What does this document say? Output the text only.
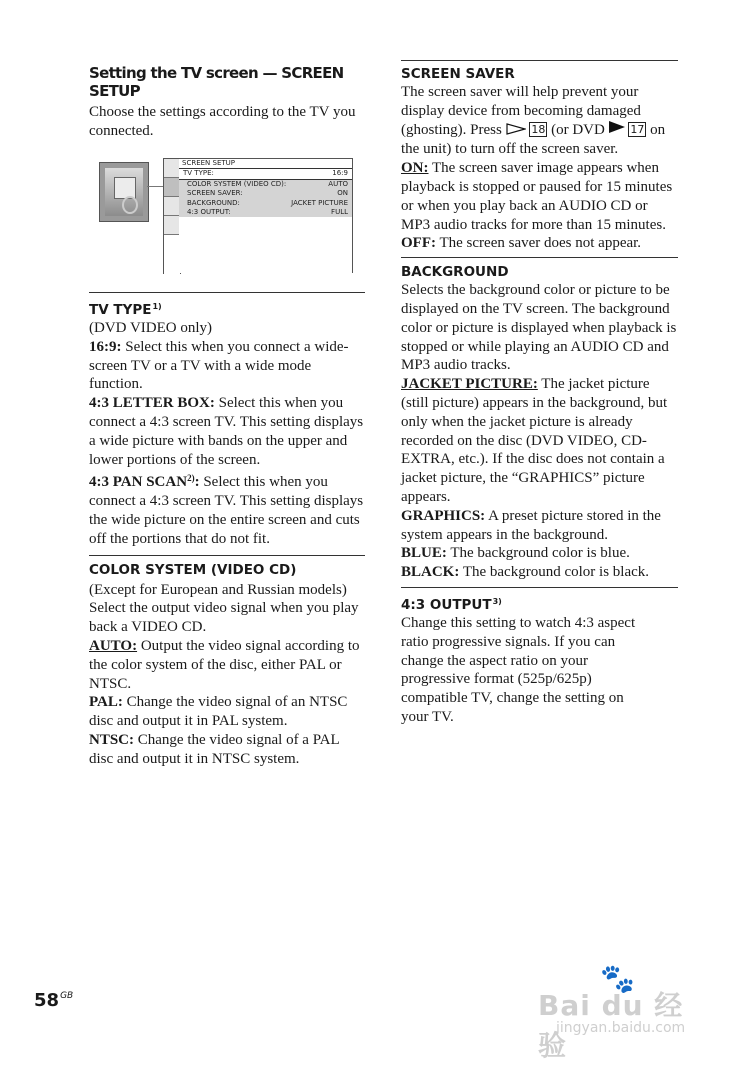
Setting the TV screen — SCREEN SETUP
Choose the settings according to the TV you connected.
SCREEN SETUP
TV TYPE:	16:9
COLOR SYSTEM (VIDEO CD):	AUTO
SCREEN SAVER:	ON
BACKGROUND:	JACKET PICTURE
4:3 OUTPUT:	FULL
TV TYPE$^{1)}$

(DVD VIDEO only)

16:9: Select this when you connect a wide-screen TV or a TV with a wide mode function.

4:3 LETTER BOX: Select this when you connect a 4:3 screen TV. This setting displays a wide picture with bands on the upper and lower portions of the screen.

4:3 PAN SCAN$^{2)}$: Select this when you connect a 4:3 screen TV. This setting displays the wide picture on the entire screen and cuts off the portions that do not fit.

COLOR SYSTEM (VIDEO CD)

(Except for European and Russian models) Select the output video signal when you play back a VIDEO CD.

AUTO: Output the video signal according to the color system of the disc, either PAL or NTSC.

PAL: Change the video signal of an NTSC disc and output it in PAL system.

NTSC: Change the video signal of a PAL disc and output it in NTSC system.

SCREEN SAVER

The screen saver will help prevent your display device from becoming damaged (ghosting). Press  18 (or DVD  17 on the unit) to turn off the screen saver.

ON: The screen saver image appears when playback is stopped or paused for 15 minutes or when you play back an AUDIO CD or MP3 audio tracks for more than 15 minutes.

OFF: The screen saver does not appear.

BACKGROUND

Selects the background color or picture to be displayed on the TV screen. The background color or picture is displayed when playback is stopped or while playing an AUDIO CD and MP3 audio tracks.

JACKET PICTURE: The jacket picture (still picture) appears in the background, but only when the jacket picture is already recorded on the disc (DVD VIDEO, CD-EXTRA, etc.). If the disc does not contain a jacket picture, the “GRAPHICS” picture appears.

GRAPHICS: A preset picture stored in the system appears in the background.

BLUE: The background color is blue.

BLACK: The background color is black.

4:3 OUTPUT$^{3)}$

Change this setting to watch 4:3 aspect ratio progressive signals. If you can change the aspect ratio on your progressive format (525p/625p) compatible TV, change the setting on your TV.

$58^{GB}$
🐾
Bai du 经验
jingyan.baidu.com
